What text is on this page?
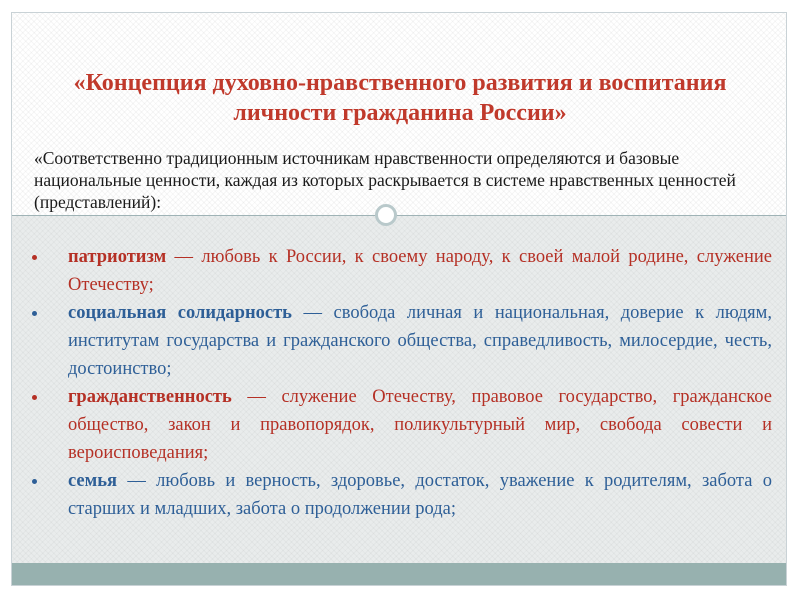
«Концепция духовно-нравственного развития и воспитания личности гражданина России»

«Соответственно традиционным источникам нравственности определяются и базовые национальные ценности, каждая из которых раскрывается в системе нравственных ценностей (представлений):

патриотизм — любовь к России, к своему народу, к своей малой родине, служение Отечеству;
социальная солидарность — свобода личная и национальная, доверие к людям, институтам государства и гражданского общества, справедливость, милосердие, честь, достоинство;
гражданственность — служение Отечеству, правовое государство, гражданское общество, закон и правопорядок, поликультурный мир, свобода совести и вероисповедания;
семья — любовь и верность, здоровье, достаток, уважение к родителям, забота о старших и младших, забота о продолжении рода;
